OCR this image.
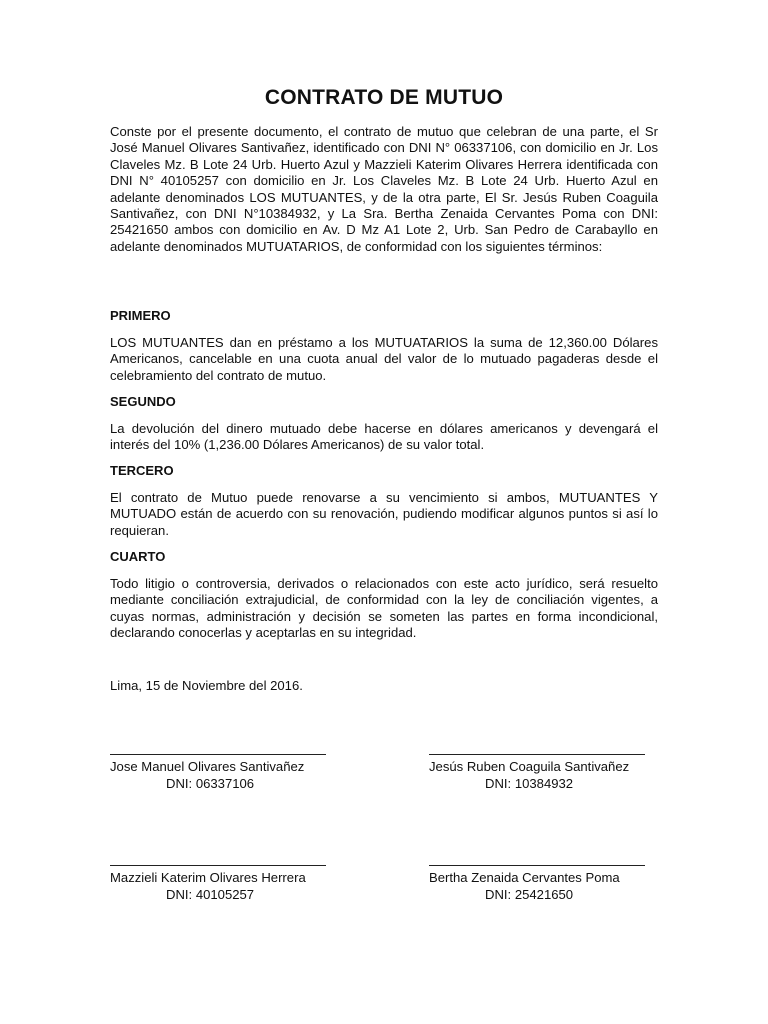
CONTRATO DE MUTUO
Conste por el presente documento, el contrato de mutuo que celebran de una parte, el Sr José Manuel Olivares Santivañez, identificado con DNI N° 06337106, con domicilio en Jr. Los Claveles Mz. B Lote 24 Urb. Huerto Azul y Mazzieli Katerim Olivares Herrera identificada con DNI N° 40105257 con domicilio en Jr. Los Claveles Mz. B Lote 24 Urb. Huerto Azul en adelante denominados LOS MUTUANTES, y de la otra parte, El Sr. Jesús Ruben Coaguila Santivañez, con DNI N°10384932, y La Sra. Bertha Zenaida Cervantes Poma con DNI: 25421650 ambos con domicilio en Av. D Mz A1 Lote 2, Urb. San Pedro de Carabayllo en adelante denominados MUTUATARIOS, de conformidad con los siguientes términos:
PRIMERO
LOS MUTUANTES dan en préstamo a los MUTUATARIOS la suma de 12,360.00 Dólares Americanos, cancelable en una cuota anual del valor de lo mutuado pagaderas desde el celebramiento del contrato de mutuo.
SEGUNDO
La devolución del dinero mutuado debe hacerse en dólares americanos y devengará el interés del 10% (1,236.00 Dólares Americanos) de su valor total.
TERCERO
El contrato de Mutuo puede renovarse a su vencimiento si ambos, MUTUANTES Y MUTUADO están de acuerdo con su renovación, pudiendo modificar algunos puntos si así lo requieran.
CUARTO
Todo litigio o controversia, derivados o relacionados con este acto jurídico, será resuelto mediante conciliación extrajudicial, de conformidad con la ley de conciliación vigentes, a cuyas normas, administración y decisión se someten las partes en forma incondicional, declarando conocerlas y aceptarlas en su integridad.
Lima, 15 de Noviembre del 2016.
Jose Manuel Olivares Santivañez
DNI: 06337106
Jesús Ruben Coaguila Santivañez
DNI: 10384932
Mazzieli Katerim Olivares Herrera
DNI: 40105257
Bertha Zenaida Cervantes Poma
DNI: 25421650
